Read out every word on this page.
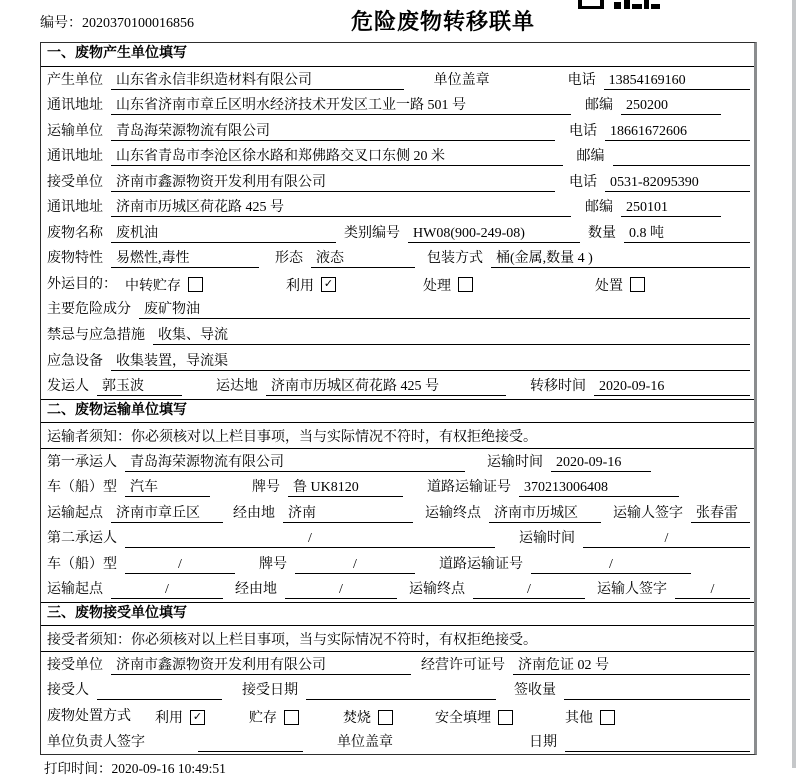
编号：2020370100016856	危险废物转移联单
一、废物产生单位填写
产生单位 山东省永信非织造材料有限公司	单位盖章	电话 13854169160
通讯地址 山东省济南市章丘区明水经济技术开发区工业一路 501 号	邮编 250200
运输单位 青岛海荣源物流有限公司	电话 18661672606
通讯地址 山东省青岛市李沧区徐水路和郑佛路交叉口东侧 20 米	邮编
接受单位 济南市鑫源物资开发利用有限公司	电话 0531-82095390
通讯地址 济南市历城区荷花路 425 号	邮编 250101
废物名称 废机油	类别编号 HW08(900-249-08)	数量 0.8 吨
废物特性 易燃性,毒性	形态 液态	包装方式 桶(金属,数量 4 )
外运目的： 中转贮存	利用 ✓	处理	处置
主要危险成分 废矿物油
禁忌与应急措施 收集、导流
应急设备 收集装置，导流渠
发运人 郭玉波	运达地 济南市历城区荷花路 425 号	转移时间 2020-09-16
二、废物运输单位填写
运输者须知：你必须核对以上栏目事项，当与实际情况不符时，有权拒绝接受。
第一承运人 青岛海荣源物流有限公司	运输时间 2020-09-16
车（船）型 汽车	牌号 鲁 UK8120	道路运输证号 370213006408
运输起点 济南市章丘区	经由地 济南	运输终点 济南市历城区	运输人签字 张春雷
第二承运人	/	运输时间	/
车（船）型	/	牌号	/	道路运输证号	/
运输起点	/	经由地	/	运输终点	/	运输人签字	/
三、废物接受单位填写
接受者须知：你必须核对以上栏目事项，当与实际情况不符时，有权拒绝接受。
接受单位 济南市鑫源物资开发利用有限公司	经营许可证号 济南危证 02 号
接受人	接受日期	签收量
废物处置方式 利用 ✓	贮存	焚烧	安全填埋	其他
单位负责人签字	单位盖章	日期
打印时间：2020-09-16 10:49:51
